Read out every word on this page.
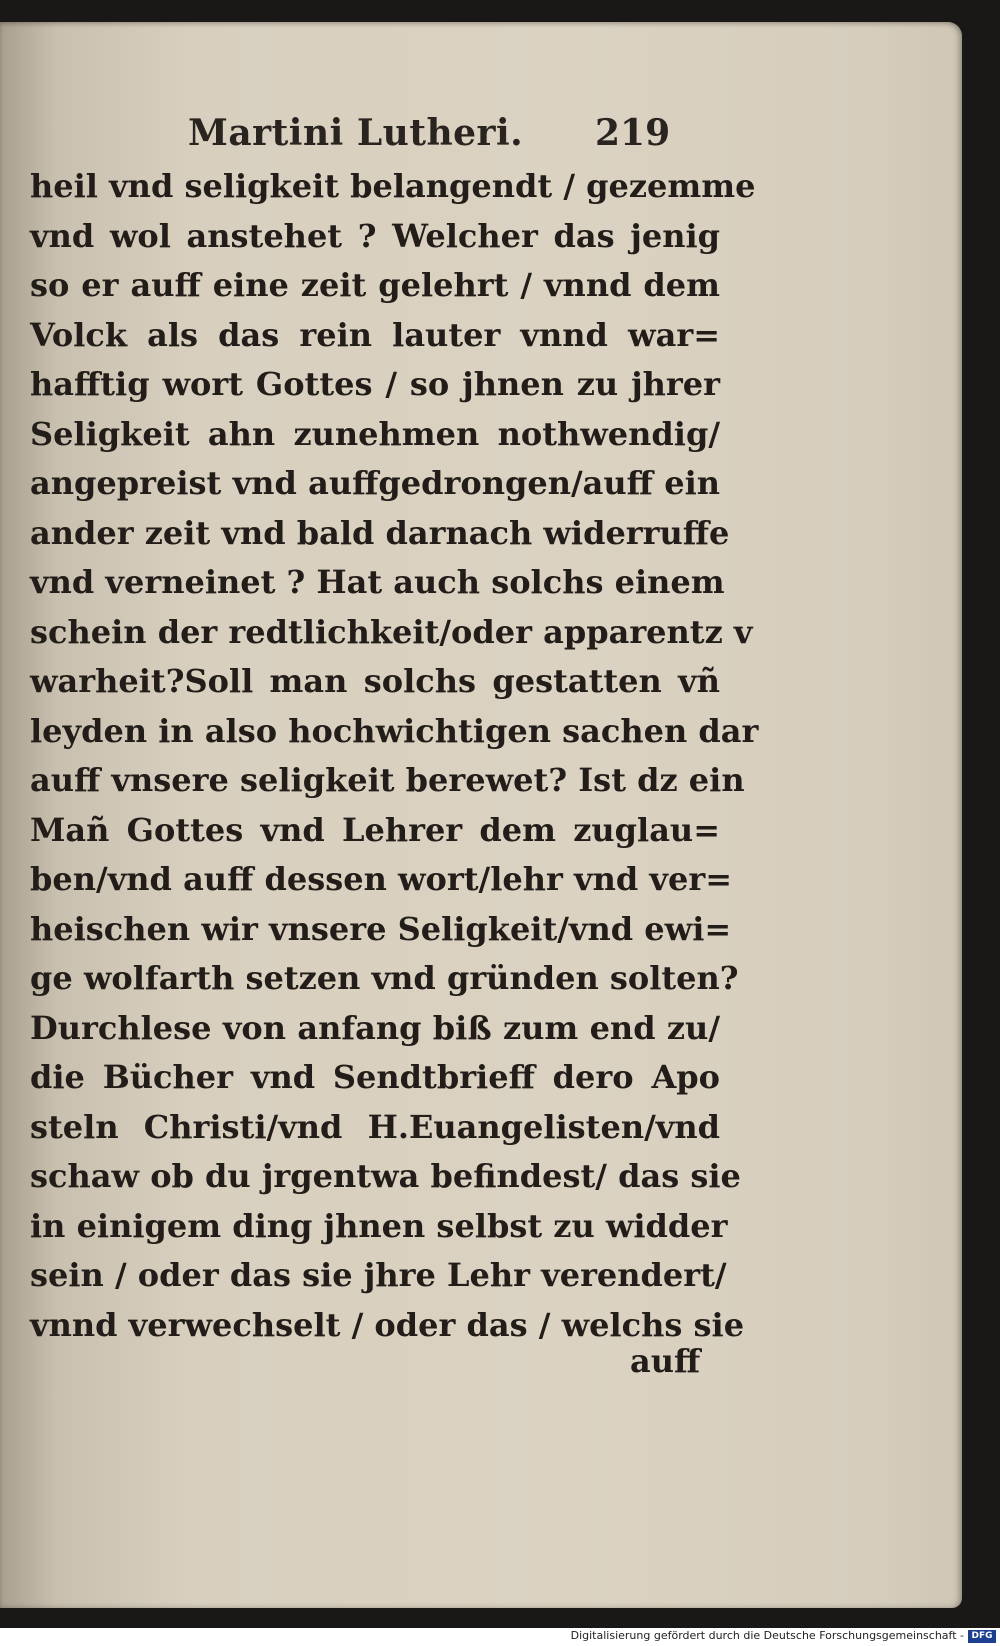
Martini Lutheri. 219
heil vnd seligkeit belangendt / gezemme
vnd wol anstehet ? Welcher das jenig
so er auff eine zeit gelehrt / vnnd dem
Volck als das rein lauter vnnd war=
hafftig wort Gottes / so jhnen zu jhrer
Seligkeit ahn zunehmen nothwendig/
angepreist vnd auffgedrongen/auff ein
ander zeit vnd bald darnach widerruffe
vnd verneinet ? Hat auch solchs einem
schein der redtlichkeit/oder apparentz v
warheit?Soll man solchs gestatten vñ
leyden in also hochwichtigen sachen dar
auff vnsere seligkeit berewet? Ist dz ein
Mañ Gottes vnd Lehrer dem zuglau=
ben/vnd auff dessen wort/lehr vnd ver=
heischen wir vnsere Seligkeit/vnd ewi=
ge wolfarth setzen vnd gründen solten?
Durchlese von anfang biß zum end zu/
die Bücher vnd Sendtbrieff dero Apo
steln Christi/vnd H.Euangelisten/vnd
schaw ob du jrgentwa befindest/ das sie
in einigem ding jhnen selbst zu widder
sein / oder das sie jhre Lehr verendert/
vnnd verwechselt / oder das / welchs sie
auff
Digitalisierung gefördert durch die Deutsche Forschungsgemeinschaft - DFG
